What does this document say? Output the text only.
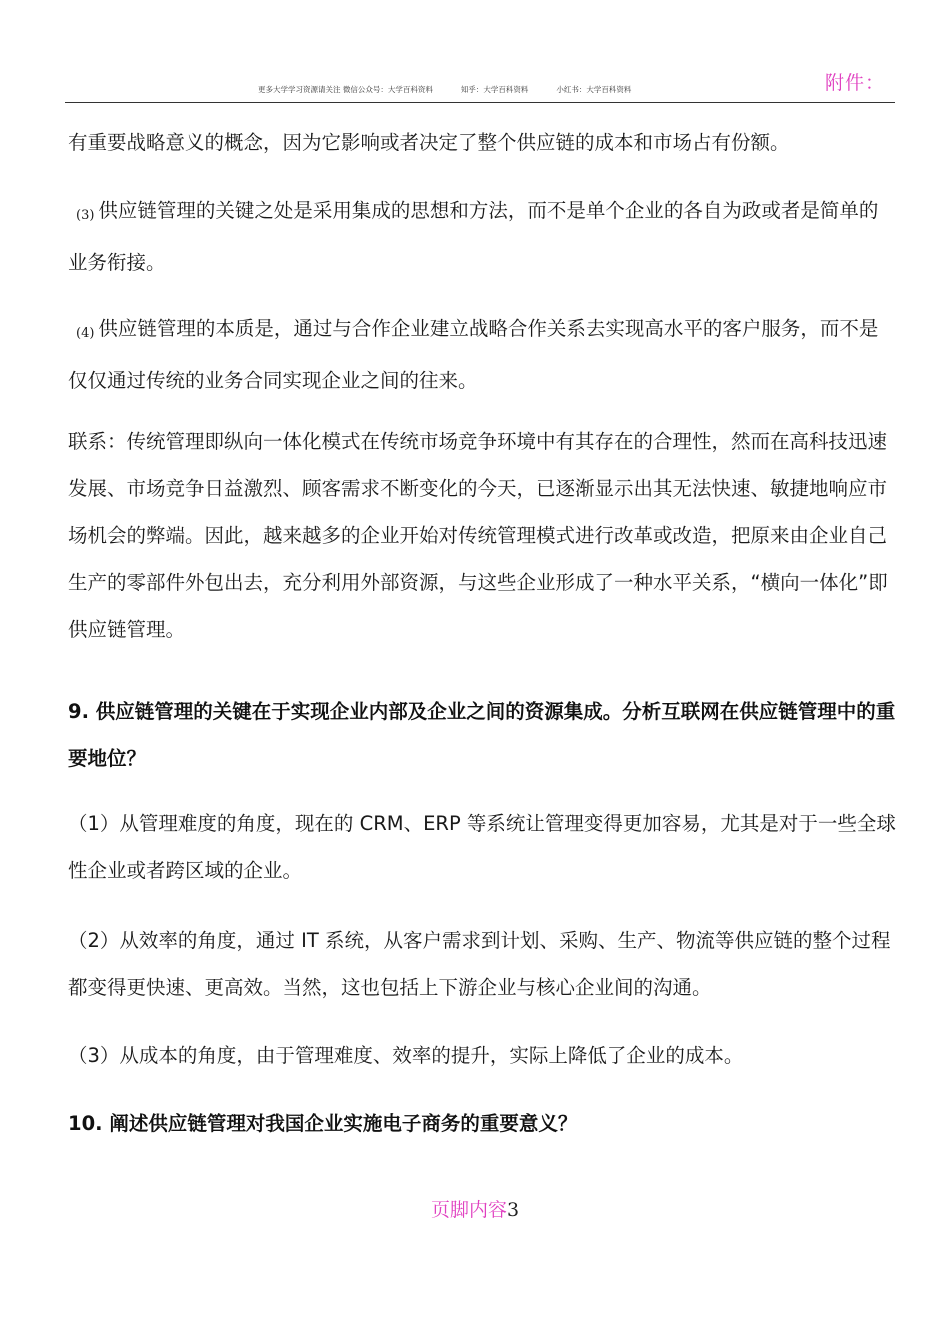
更多大学学习资源请关注 微信公众号：大学百科资料	知乎：大学百科资料	小红书：大学百科资料	附件：

有重要战略意义的概念，因为它影响或者决定了整个供应链的成本和市场占有份额。

(3) 供应链管理的关键之处是采用集成的思想和方法，而不是单个企业的各自为政或者是简单的业务衔接。

(4) 供应链管理的本质是，通过与合作企业建立战略合作关系去实现高水平的客户服务，而不是仅仅通过传统的业务合同实现企业之间的往来。

联系：传统管理即纵向一体化模式在传统市场竞争环境中有其存在的合理性，然而在高科技迅速发展、市场竞争日益激烈、顾客需求不断变化的今天，已逐渐显示出其无法快速、敏捷地响应市场机会的弊端。因此，越来越多的企业开始对传统管理模式进行改革或改造，把原来由企业自己生产的零部件外包出去，充分利用外部资源，与这些企业形成了一种水平关系，“横向一体化”即供应链管理。

9. 供应链管理的关键在于实现企业内部及企业之间的资源集成。分析互联网在供应链管理中的重要地位？

（1）从管理难度的角度，现在的 CRM、ERP 等系统让管理变得更加容易，尤其是对于一些全球性企业或者跨区域的企业。

（2）从效率的角度，通过 IT 系统，从客户需求到计划、采购、生产、物流等供应链的整个过程都变得更快速、更高效。当然，这也包括上下游企业与核心企业间的沟通。

（3）从成本的角度，由于管理难度、效率的提升，实际上降低了企业的成本。

10. 阐述供应链管理对我国企业实施电子商务的重要意义？

页脚内容3
